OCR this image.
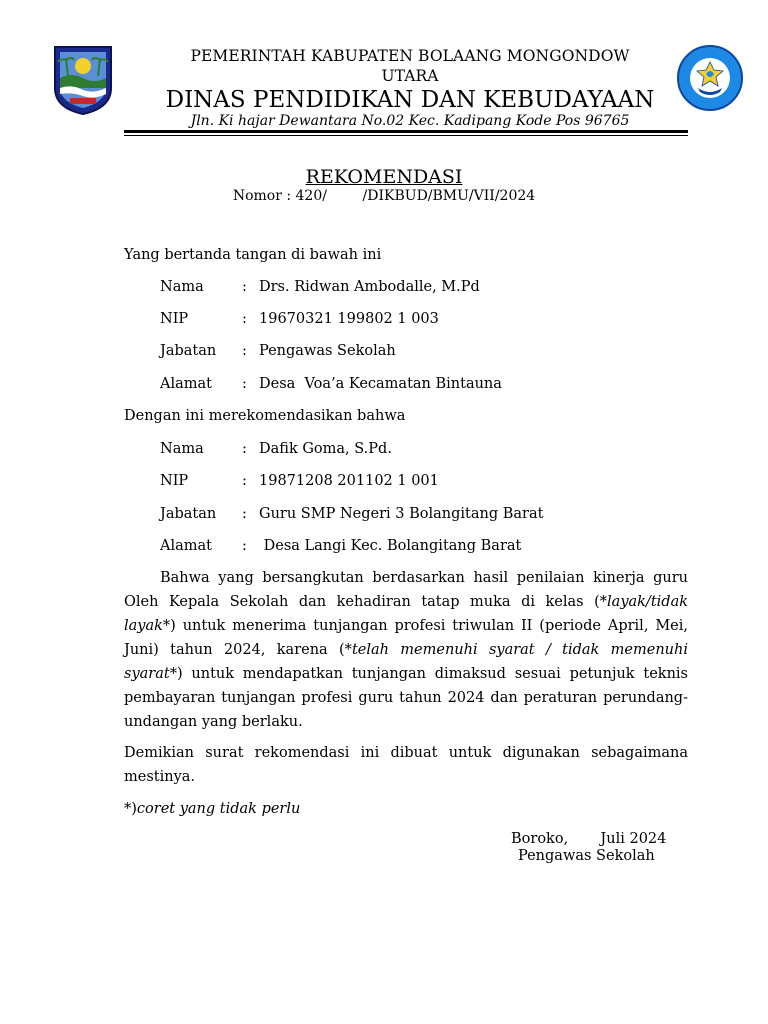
PEMERINTAH KABUPATEN BOLAANG MONGONDOW
UTARA
DINAS PENDIDIKAN DAN KEBUDAYAAN
Jln. Ki hajar Dewantara No.02 Kec. Kadipang Kode Pos 96765
REKOMENDASI
Nomor : 420/        /DIKBUD/BMU/VII/2024
Yang bertanda tangan di bawah ini
Nama	: Drs. Ridwan Ambodalle, M.Pd
NIP	: 19670321 199802 1 003
Jabatan : Pengawas Sekolah
Alamat : Desa  Voa’a Kecamatan Bintauna
Dengan ini merekomendasikan bahwa
Nama	: Dafik Goma, S.Pd.
NIP	: 19871208 201102 1 001
Jabatan : Guru SMP Negeri 3 Bolangitang Barat
Alamat : Desa Langi Kec. Bolangitang Barat

Bahwa yang bersangkutan berdasarkan hasil penilaian kinerja guru Oleh Kepala Sekolah dan kehadiran tatap muka di kelas (*layak/tidak layak*) untuk menerima tunjangan profesi triwulan II (periode April, Mei, Juni) tahun 2024, karena (*telah memenuhi syarat / tidak memenuhi syarat*) untuk mendapatkan tunjangan dimaksud sesuai petunjuk teknis pembayaran tunjangan profesi guru tahun 2024 dan peraturan perundang-undangan yang berlaku.

Demikian surat rekomendasi ini dibuat untuk digunakan sebagaimana mestinya.

*)coret yang tidak perlu
Boroko,       Juli 2024
Pengawas Sekolah
